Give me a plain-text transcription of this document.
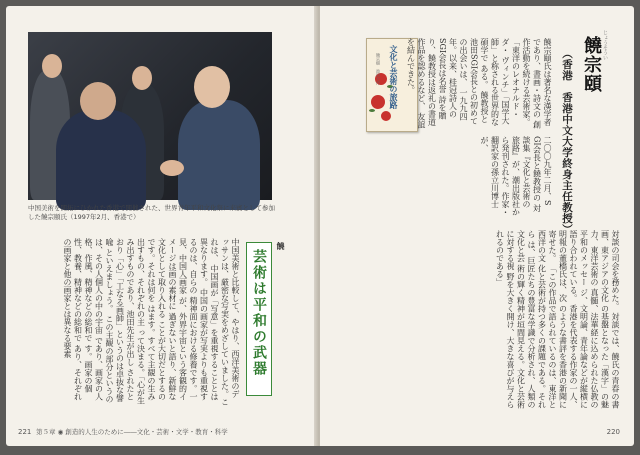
中国美術を開拓にひかれた香港で開催された、世界青年平和文化祭に来賓として参加した饒宗頤氏（1997年2月、香港で）
中国美術と比較して、やはり、西洋美術のデ ッサンは、厳密な写実をめざしていました。これは、 中国画が「写意」を重視することとは異なります。 中国の画家が写実よりも重視するのは、自らの 精神面における修養です。一見、中国人画家 が、外界宇宙という客観的イメージは画の素材に 過ぎないと語り、新鮮な文化として取り入れる ことが大切だとするのです。それは何を はます。すべて主観の生み出すもの、それぞれの主 って決まる。「心が生み出すものであり、池田先生が出し されたとおり「心」「工なる画師」というのは卓抜な譬喩 といえましょう。 この主観の部分というのは、その人個人の中の宇宙 であり、画家の人格、作風、精神などの総和で す。画家の個性、教養、精神などの総和で あり、それぞれの画家と他の画家とは異なる要素	芸術は平和の武器
饒
221 第５章 ◉ 創造的人生のために――文化・芸術・文学・教育・科学
じょうそうい
饒宗頤
（香港　香港中文大学終身主任教授）
文化と芸術の旅路
饒宗頤　池田大作	饒宗頤氏は著名な漢学者であり、書画・詩文の 創作活動を続ける芸術家。「東洋のレオナルド・ダ・ ヴィンチ」「国学大師」と称される世界的な碩学で ある。 饒教授と池田SGI会長との初めての出会いは、 一九九四年。以来、桂冠詩人のSGI会長は名誉 詩を贈り、饒教授は返礼の書道作品を認めるなど、 友誼を結んできた。
二〇〇九年二月、S GI会長と饒教授の 対談集『文化と芸術の 旅路』が、潮出版社か ら発刊された。作家・ 翻訳家の孫立川博士が、
対談の司会を務めた。 対談では、饒氏の青春の書画、東アジアの文化 の基盤となった「漢字」の魅力、東洋芸術の 真髄、法華経に込められた仏教の平和のメッセー ジ、文明論、青年論などが縦横に語り合われている。 香港を代表する作家の一人、明報の董橋氏は、次 のような書評を香港の新聞に寄せた。 「この作品で語られているのは、東洋と西洋の文 化と芸術が持つ多くの課題である。それら は、巨匠たちの豊富な学識で分析され、人類の文化と芸 術の輝く精神が垣間見える。文化と芸術に対する視 野を大きく開け、大きな喜びが与えられるのである」
220
